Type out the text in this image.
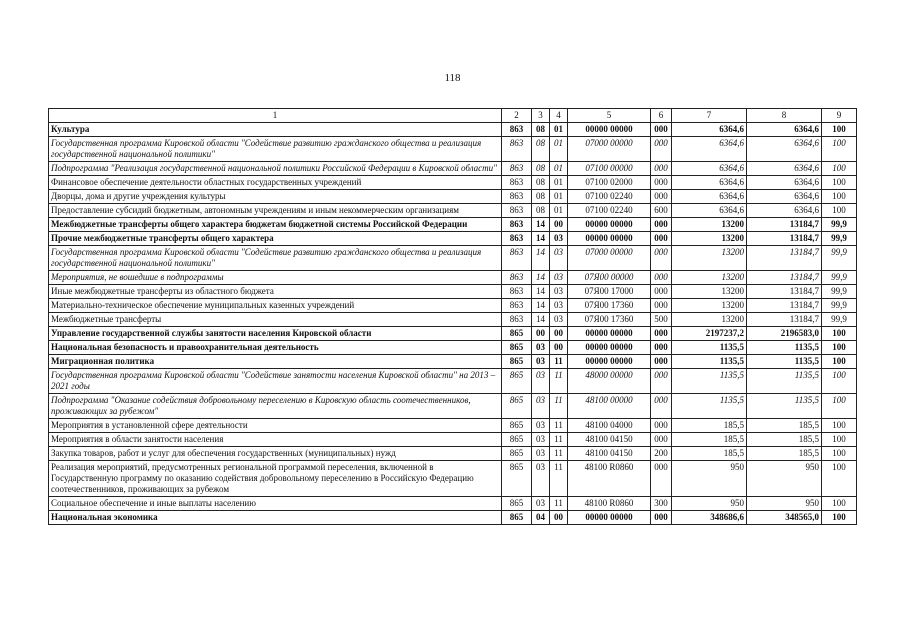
118
1	2	3	4	5	6	7	8	9
Культура	863	08	01	00000 00000	000	6364,6	6364,6	100
Государственная программа Кировской области "Содействие развитию гражданского общества и реализация государственной национальной политики"	863	08	01	07000 00000	000	6364,6	6364,6	100
Подпрограмма "Реализация государственной национальной политики Российской Федерации в Кировской области"	863	08	01	07100 00000	000	6364,6	6364,6	100
Финансовое обеспечение деятельности областных государственных учреждений	863	08	01	07100 02000	000	6364,6	6364,6	100
Дворцы, дома и другие учреждения культуры	863	08	01	07100 02240	000	6364,6	6364,6	100
Предоставление субсидий бюджетным, автономным учреждениям и иным некоммерческим организациям	863	08	01	07100 02240	600	6364,6	6364,6	100
Межбюджетные трансферты общего характера бюджетам бюджетной системы Российской Федерации	863	14	00	00000 00000	000	13200	13184,7	99,9
Прочие межбюджетные трансферты общего характера	863	14	03	00000 00000	000	13200	13184,7	99,9
Государственная программа Кировской области "Содействие развитию гражданского общества и реализация государственной национальной политики"	863	14	03	07000 00000	000	13200	13184,7	99,9
Мероприятия, не вошедшие в подпрограммы	863	14	03	07Я00 00000	000	13200	13184,7	99,9
Иные межбюджетные трансферты из областного бюджета	863	14	03	07Я00 17000	000	13200	13184,7	99,9
Материально-техническое обеспечение муниципальных казенных учреждений	863	14	03	07Я00 17360	000	13200	13184,7	99,9
Межбюджетные трансферты	863	14	03	07Я00 17360	500	13200	13184,7	99,9
Управление государственной службы занятости населения Кировской области	865	00	00	00000 00000	000	2197237,2	2196583,0	100
Национальная безопасность и правоохранительная деятельность	865	03	00	00000 00000	000	1135,5	1135,5	100
Миграционная политика	865	03	11	00000 00000	000	1135,5	1135,5	100
Государственная программа Кировской области "Содействие занятости населения Кировской области" на 2013 – 2021 годы	865	03	11	48000 00000	000	1135,5	1135,5	100
Подпрограмма "Оказание содействия добровольному переселению в Кировскую область соотечественников, проживающих за рубежом"	865	03	11	48100 00000	000	1135,5	1135,5	100
Мероприятия в установленной сфере деятельности	865	03	11	48100 04000	000	185,5	185,5	100
Мероприятия в области занятости населения	865	03	11	48100 04150	000	185,5	185,5	100
Закупка товаров, работ и услуг для обеспечения государственных (муниципальных) нужд	865	03	11	48100 04150	200	185,5	185,5	100
Реализация мероприятий, предусмотренных региональной программой переселения, включенной в Государственную программу по оказанию содействия добровольному переселению в Российскую Федерацию соотечественников, проживающих за рубежом	865	03	11	48100 R0860	000	950	950	100
Социальное обеспечение и иные выплаты населению	865	03	11	48100 R0860	300	950	950	100
Национальная экономика	865	04	00	00000 00000	000	348686,6	348565,0	100
